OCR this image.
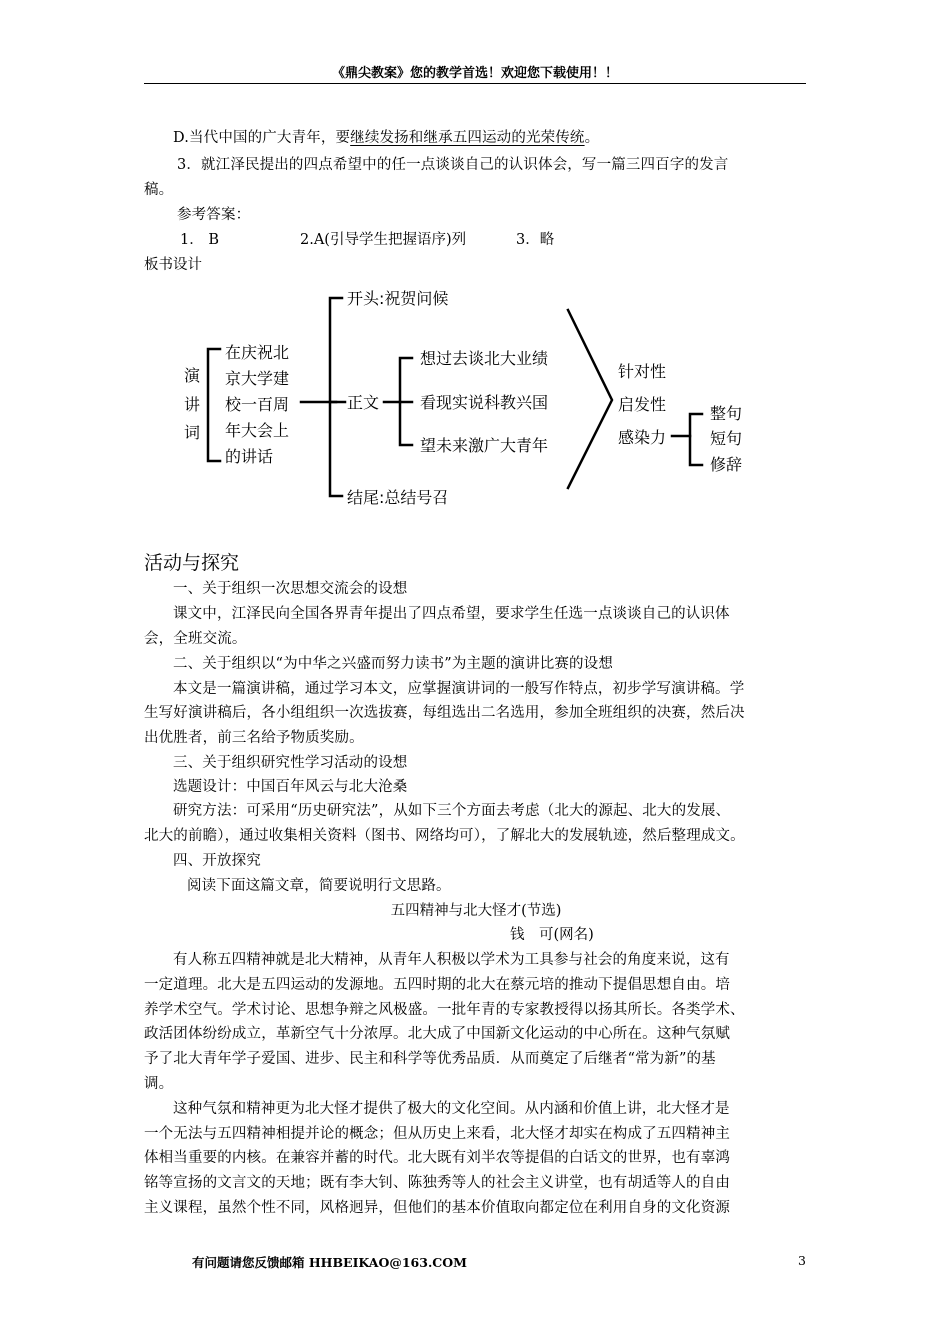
《鼎尖教案》您的教学首选！欢迎您下载使用！！
D.当代中国的广大青年，要继续发扬和继承五四运动的光荣传统。
3．就江泽民提出的四点希望中的任一点谈谈自己的认识体会，写一篇三四百字的发言
稿。
参考答案：
1． B	2.A(引导学生把握语序)列	3．略
板书设计
演
讲
词
在庆祝北
京大学建
校一百周
年大会上
的讲话
开头:祝贺问候
正文
结尾:总结号召
想过去谈北大业绩
看现实说科教兴国
望未来激广大青年
针对性
启发性
感染力
整句
短句
修辞
活动与探究
一、关于组织一次思想交流会的设想
课文中，江泽民向全国各界青年提出了四点希望，要求学生任选一点谈谈自己的认识体
会，全班交流。
二、关于组织以“为中华之兴盛而努力读书”为主题的演讲比赛的设想
本文是一篇演讲稿，通过学习本文，应掌握演讲词的一般写作特点，初步学写演讲稿。学
生写好演讲稿后，各小组组织一次选拔赛，每组选出二名选用，参加全班组织的决赛，然后决
出优胜者，前三名给予物质奖励。
三、关于组织研究性学习活动的设想
选题设计：中国百年风云与北大沧桑
研究方法：可采用“历史研究法”，从如下三个方面去考虑（北大的源起、北大的发展、
北大的前瞻），通过收集相关资料（图书、网络均可），了解北大的发展轨迹，然后整理成文。
四、开放探究
阅读下面这篇文章，简要说明行文思路。
五四精神与北大怪才(节选)
钱　可(网名)
有人称五四精神就是北大精神，从青年人积极以学术为工具参与社会的角度来说，这有
一定道理。北大是五四运动的发源地。五四时期的北大在蔡元培的推动下提倡思想自由。培
养学术空气。学术讨论、思想争辩之风极盛。一批年青的专家教授得以扬其所长。各类学术、
政活团体纷纷成立，革新空气十分浓厚。北大成了中国新文化运动的中心所在。这种气氛赋
予了北大青年学子爱国、进步、民主和科学等优秀品质．从而奠定了后继者“常为新”的基
调。
这种气氛和精神更为北大怪才提供了极大的文化空间。从内涵和价值上讲，北大怪才是
一个无法与五四精神相提并论的概念；但从历史上来看，北大怪才却实在构成了五四精神主
体相当重要的内核。在兼容并蓄的时代。北大既有刘半农等提倡的白话文的世界，也有辜鸿
铭等宣扬的文言文的天地；既有李大钊、陈独秀等人的社会主义讲堂，也有胡适等人的自由
主义课程，虽然个性不同，风格迥异，但他们的基本价值取向都定位在利用自身的文化资源
有问题请您反馈邮箱 HHBEIKAO@163.COM	3
